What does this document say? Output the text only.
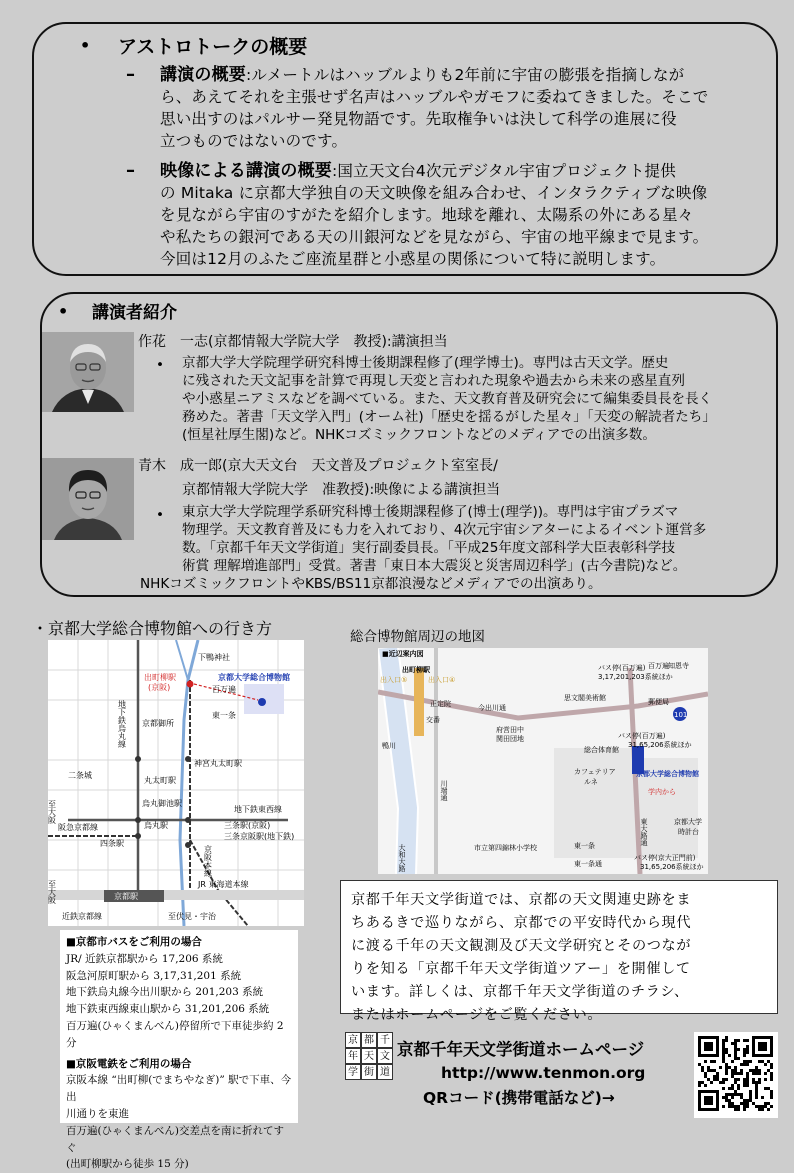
• アストロトークの概要
– 講演の概要:ルメートルはハッブルよりも2年前に宇宙の膨張を指摘しなが
ら、あえてそれを主張せず名声はハッブルやガモフに委ねてきました。そこで
思い出すのはパルサー発見物語です。先取権争いは決して科学の進展に役
立つものではないのです。
– 映像による講演の概要:国立天文台4次元デジタル宇宙プロジェクト提供
の Mitaka に京都大学独自の天文映像を組み合わせ、インタラクティブな映像
を見ながら宇宙のすがたを紹介します。地球を離れ、太陽系の外にある星々
や私たちの銀河である天の川銀河などを見ながら、宇宙の地平線まで見ます。
今回は12月のふたご座流星群と小惑星の関係について特に説明します。
• 講演者紹介
作花　一志(京都情報大学院大学　教授):講演担当
• 京都大学大学院理学研究科博士後期課程修了(理学博士)。専門は古天文学。歴史
に残された天文記事を計算で再現し天変と言われた現象や過去から未来の惑星直列
や小惑星ニアミスなどを調べている。また、天文教育普及研究会にて編集委員長を長く
務めた。著書「天文学入門」(オーム社)「歴史を揺るがした星々」「天変の解読者たち」
(恒星社厚生閣)など。NHKコズミックフロントなどのメディアでの出演多数。
青木　成一郎(京大天文台　天文普及プロジェクト室室長/
京都情報大学院大学　准教授):映像による講演担当
• 東京大学大学院理学系研究科博士後期課程修了(博士(理学))。専門は宇宙プラズマ
物理学。天文教育普及にも力を入れており、4次元宇宙シアターによるイベント運営多
数。「京都千年天文学街道」実行副委員長。「平成25年度文部科学大臣表彰科学技
術賞 理解増進部門」受賞。著書「東日本大震災と災害周辺科学」(古今書院)など。
NHKコズミックフロントやKBS/BS11京都浪漫などメディアでの出演あり。
・京都大学総合博物館への行き方	総合博物館周辺の地図
下鴨神社
出町柳駅
(京阪)
京都大学総合博物館
百万遍
東一条
地下鉄烏丸線 京都御所
神宮丸太町駅
丸太町駅
二条城
烏丸御池駅
地下鉄東西線
阪急京都線
至大阪
烏丸駅	三条駅(京阪)
三条京阪駅(地下鉄)
四条駅
京阪本線
至大阪	京都駅
JR 東海道本線
近鉄京都線	至伏見・宇治
■近辺案内図
出町柳駅
出入口⑤	出入口④
正定院
交番
今出川通
バス停(百万遍)
3,17,201,203系統ほか
百万遍 知恩寺
郵便局
101
思文閣美術館
鴨川
府営田中
関田団地	バス停(百万遍)
31,65,206系統ほか
総合体育館
カフェテリア
ルネ
京都大学総合博物館
学内から
川端通
京都大学
時計台
東大路通
大和大路	市立第四錦林小学校	東一条
東一条通
バス停(京大正門前)
31,65,206系統ほか
■京都市バスをご利用の場合
JR/ 近鉄京都駅から 17,206 系統
阪急河原町駅から 3,17,31,201 系統
地下鉄烏丸線今出川駅から 201,203 系統
地下鉄東西線東山駅から 31,201,206 系統
百万遍(ひゃくまんべん)停留所で下車徒歩約 2 分
■京阪電鉄をご利用の場合
京阪本線 “出町柳(でまちやなぎ)” 駅で下車、今出
川通りを東進
百万遍(ひゃくまんべん)交差点を南に折れてすぐ
(出町柳駅から徒歩 15 分)
京都千年天文学街道では、京都の天文関連史跡をま
ちあるきで巡りながら、京都での平安時代から現代
に渡る千年の天文観測及び天文学研究とそのつなが
りを知る「京都千年天文学街道ツアー」を開催して
います。詳しくは、京都千年天文学街道のチラシ、
またはホームページをご覧ください。
京 都 千
年 天 文
学 街 道
京都千年天文学街道ホームページ
http://www.tenmon.org
QRコード(携帯電話など)→
